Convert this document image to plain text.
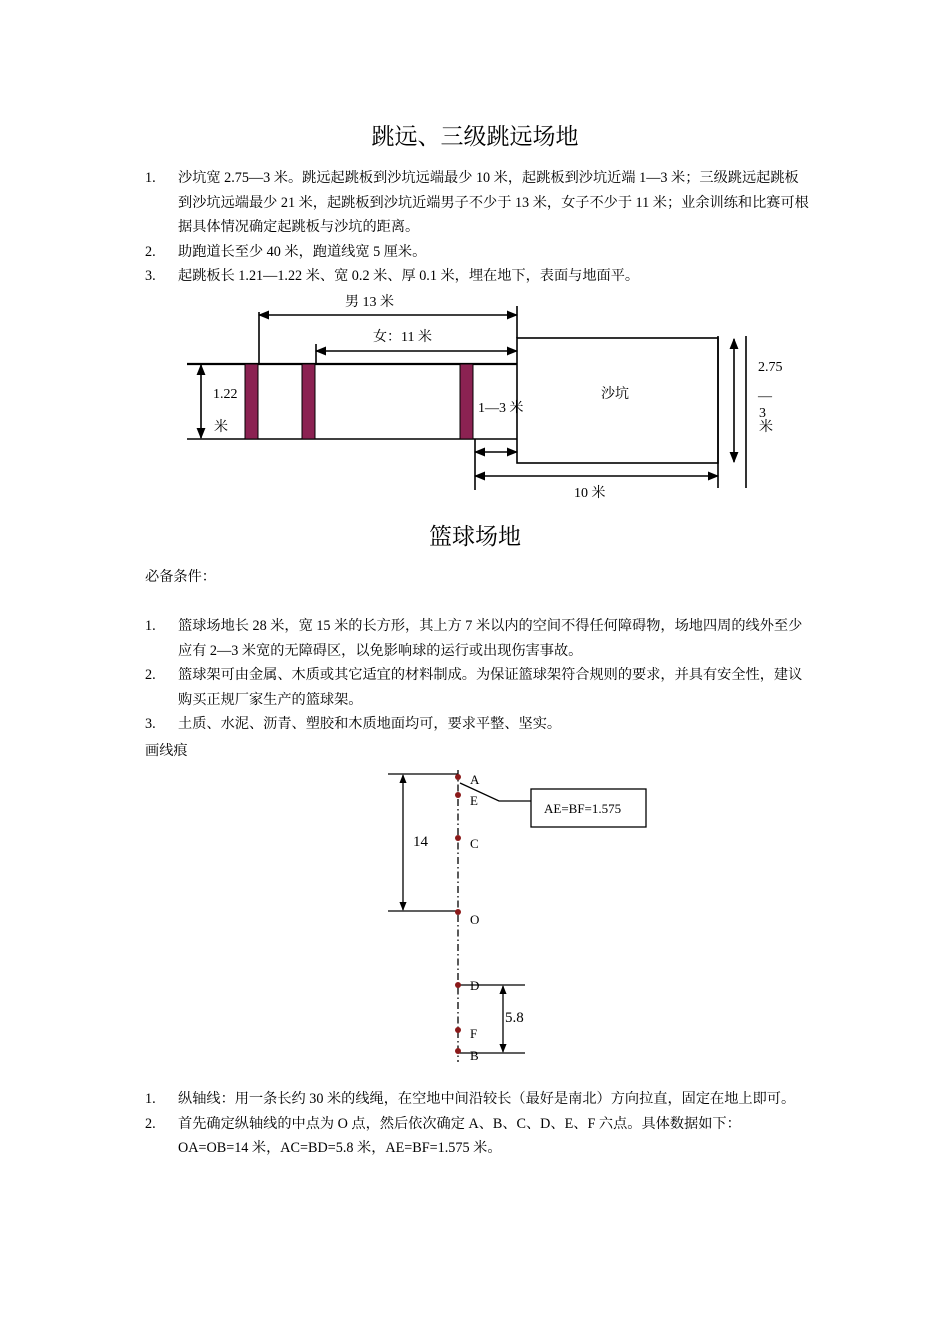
跳远、三级跳远场地
1. 沙坑宽 2.75—3 米。跳远起跳板到沙坑远端最少 10 米，起跳板到沙坑近端 1—3 米；三级跳远起跳板到沙坑远端最少 21 米，起跳板到沙坑近端男子不少于 13 米，女子不少于 11 米；业余训练和比赛可根据具体情况确定起跳板与沙坑的距离。
2. 助跑道长至少 40 米，跑道线宽 5 厘米。
3. 起跳板长 1.21—1.22 米、宽 0.2 米、厚 0.1 米，埋在地下，表面与地面平。
男 13 米
女：11 米
1.22
米
1—3 米
沙坑
2.75
—
3
米
10 米
篮球场地
必备条件：
1. 篮球场地长 28 米，宽 15 米的长方形，其上方 7 米以内的空间不得任何障碍物，场地四周的线外至少应有 2—3 米宽的无障碍区，以免影响球的运行或出现伤害事故。
2. 篮球架可由金属、木质或其它适宜的材料制成。为保证篮球架符合规则的要求，并具有安全性，建议购买正规厂家生产的篮球架。
3. 土质、水泥、沥青、塑胶和木质地面均可，要求平整、坚实。
画线痕
AE=BF=1.575
14
5.8
A
E
C
O
D
F
B
1. 纵轴线：用一条长约 30 米的线绳，在空地中间沿较长（最好是南北）方向拉直，固定在地上即可。
2. 首先确定纵轴线的中点为 O 点，然后依次确定 A、B、C、D、E、F 六点。具体数据如下：
OA=OB=14 米，AC=BD=5.8 米，AE=BF=1.575 米。
